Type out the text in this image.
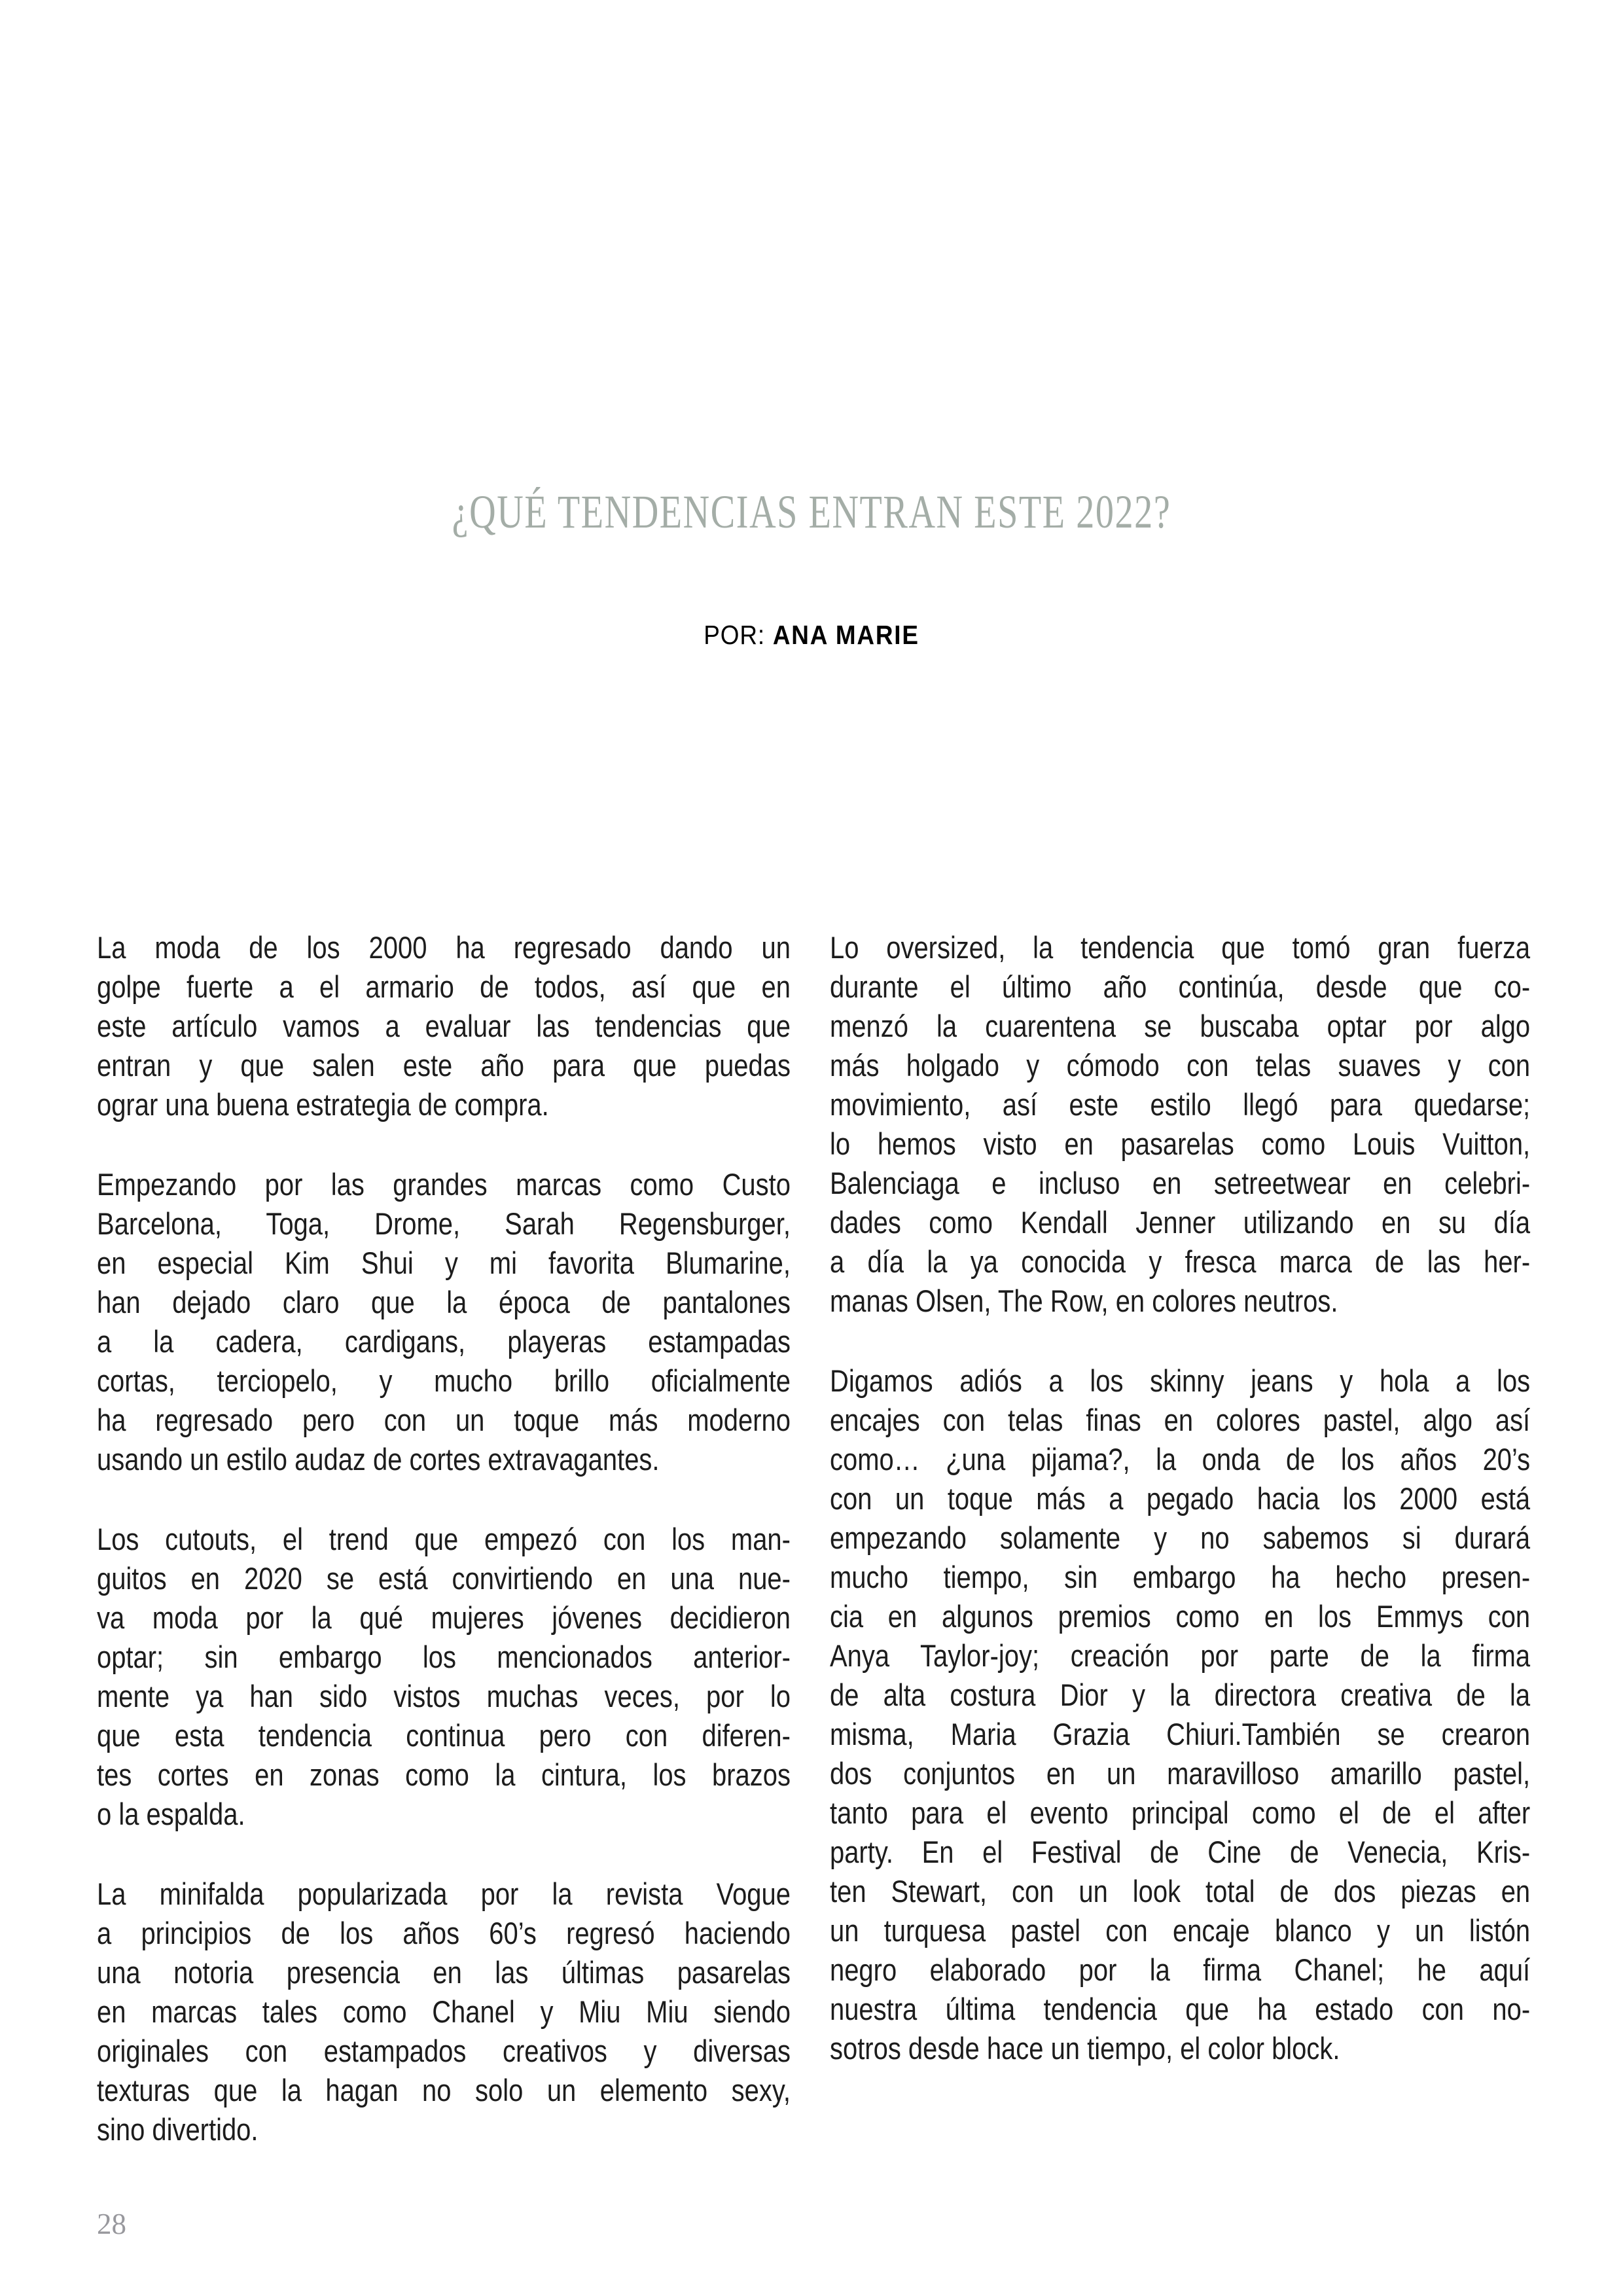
¿QUÉ TENDENCIAS ENTRAN ESTE 2022?
POR: ANA MARIE
La moda de los 2000 ha regresado dando un
golpe fuerte a el armario de todos, así que en
este artículo vamos a evaluar las tendencias que
entran y que salen este año para que puedas
ograr una buena estrategia de compra.
Empezando por las grandes marcas como Custo
Barcelona, Toga, Drome, Sarah Regensburger,
en especial Kim Shui y mi favorita Blumarine,
han dejado claro que la época de pantalones
a la cadera, cardigans, playeras estampadas
cortas, terciopelo, y mucho brillo oficialmente
ha regresado pero con un toque más moderno
usando un estilo audaz de cortes extravagantes.
Los cutouts, el trend que empezó con los man-
guitos en 2020 se está convirtiendo en una nue-
va moda por la qué mujeres jóvenes decidieron
optar; sin embargo los mencionados anterior-
mente ya han sido vistos muchas veces, por lo
que esta tendencia continua pero con diferen-
tes cortes en zonas como la cintura, los brazos
o la espalda.
La minifalda popularizada por la revista Vogue
a principios de los años 60’s regresó haciendo
una notoria presencia en las últimas pasarelas
en marcas tales como Chanel y Miu Miu siendo
originales con estampados creativos y diversas
texturas que la hagan no solo un elemento sexy,
sino divertido.
Lo oversized, la tendencia que tomó gran fuerza
durante el último año continúa, desde que co-
menzó la cuarentena se buscaba optar por algo
más holgado y cómodo con telas suaves y con
movimiento, así este estilo llegó para quedarse;
lo hemos visto en pasarelas como Louis Vuitton,
Balenciaga e incluso en setreetwear en celebri-
dades como Kendall Jenner utilizando en su día
a día la ya conocida y fresca marca de las her-
manas Olsen, The Row, en colores neutros.
Digamos adiós a los skinny jeans y hola a los
encajes con telas finas en colores pastel, algo así
como… ¿una pijama?, la onda de los años 20’s
con un toque más a pegado hacia los 2000 está
empezando solamente y no sabemos si durará
mucho tiempo, sin embargo ha hecho presen-
cia en algunos premios como en los Emmys con
Anya Taylor-joy; creación por parte de la firma
de alta costura Dior y la directora creativa de la
misma, Maria Grazia Chiuri.También se crearon
dos conjuntos en un maravilloso amarillo pastel,
tanto para el evento principal como el de el after
party. En el Festival de Cine de Venecia, Kris-
ten Stewart, con un look total de dos piezas en
un turquesa pastel con encaje blanco y un listón
negro elaborado por la firma Chanel; he aquí
nuestra última tendencia que ha estado con no-
sotros desde hace un tiempo, el color block.
28
